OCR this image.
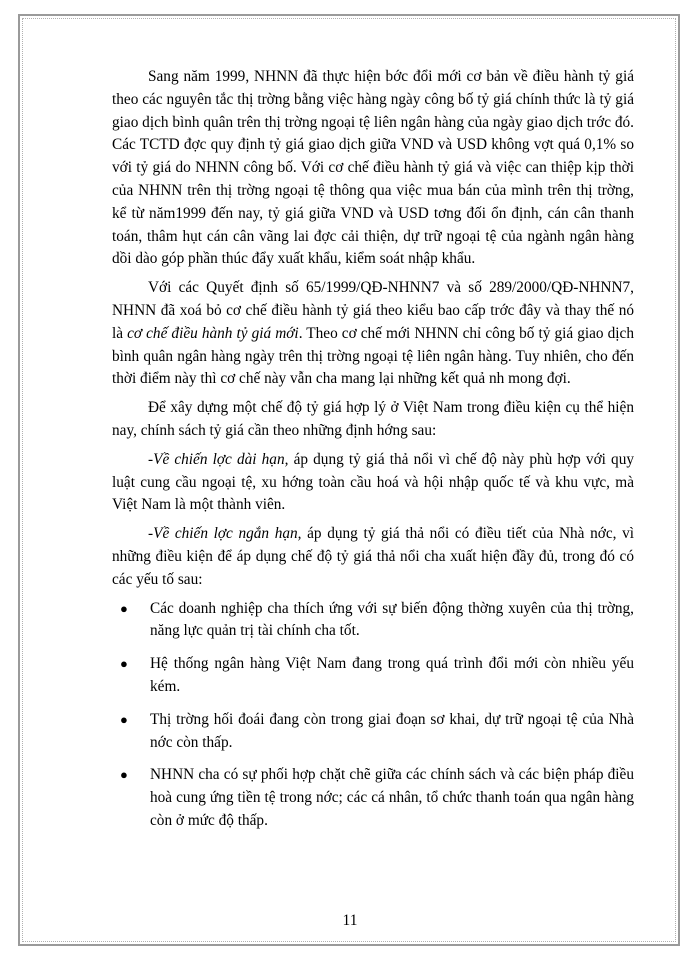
Sang năm 1999, NHNN đã thực hiện bớc đổi mới cơ bản về điều hành tỷ giá theo các nguyên tắc thị trờng bằng việc hàng ngày công bố tỷ giá chính thức là tỷ giá giao dịch bình quân trên thị trờng ngoại tệ liên ngân hàng của ngày giao dịch trớc đó. Các TCTD đợc quy định tỷ giá giao dịch giữa VND và USD không vợt quá 0,1% so với tỷ giá do NHNN công bố. Với cơ chế điều hành tỷ giá và việc can thiệp kịp thời của NHNN trên thị trờng ngoại tệ thông qua việc mua bán của mình trên thị trờng, kể từ năm1999 đến nay, tỷ giá giữa VND và USD tơng đối ổn định, cán cân thanh toán, thâm hụt cán cân vãng lai đợc cải thiện, dự trữ ngoại tệ của ngành ngân hàng dồi dào góp phần thúc đẩy xuất khẩu, kiểm soát nhập khẩu.

Với các Quyết định số 65/1999/QĐ-NHNN7 và số 289/2000/QĐ-NHNN7, NHNN đã xoá bỏ cơ chế điều hành tỷ giá theo kiểu bao cấp trớc đây và thay thế nó là cơ chế điều hành tỷ giá mới. Theo cơ chế mới NHNN chỉ công bố tỷ giá giao dịch bình quân ngân hàng ngày trên thị trờng ngoại tệ liên ngân hàng. Tuy nhiên, cho đến thời điểm này thì cơ chế này vẫn cha mang lại những kết quả nh mong đợi.

Để xây dựng một chế độ tỷ giá hợp lý ở Việt Nam trong điều kiện cụ thể hiện nay, chính sách tỷ giá cần theo những định hớng sau:

-Về chiến lợc dài hạn, áp dụng tỷ giá thả nổi vì chế độ này phù hợp với quy luật cung cầu ngoại tệ, xu hớng toàn cầu hoá và hội nhập quốc tế và khu vực, mà Việt Nam là một thành viên.

-Về chiến lợc ngắn hạn, áp dụng tỷ giá thả nổi có điều tiết của Nhà nớc, vì những điều kiện để áp dụng chế độ tỷ giá thả nổi cha xuất hiện đầy đủ, trong đó có các yếu tố sau:

● Các doanh nghiệp cha thích ứng với sự biến động thờng xuyên của thị trờng, năng lực quản trị tài chính cha tốt.
● Hệ thống ngân hàng Việt Nam đang trong quá trình đổi mới còn nhiều yếu kém.
● Thị trờng hối đoái đang còn trong giai đoạn sơ khai, dự trữ ngoại tệ của Nhà nớc còn thấp.
● NHNN cha có sự phối hợp chặt chẽ giữa các chính sách và các biện pháp điều hoà cung ứng tiền tệ trong nớc; các cá nhân, tổ chức thanh toán qua ngân hàng còn ở mức độ thấp.
11
